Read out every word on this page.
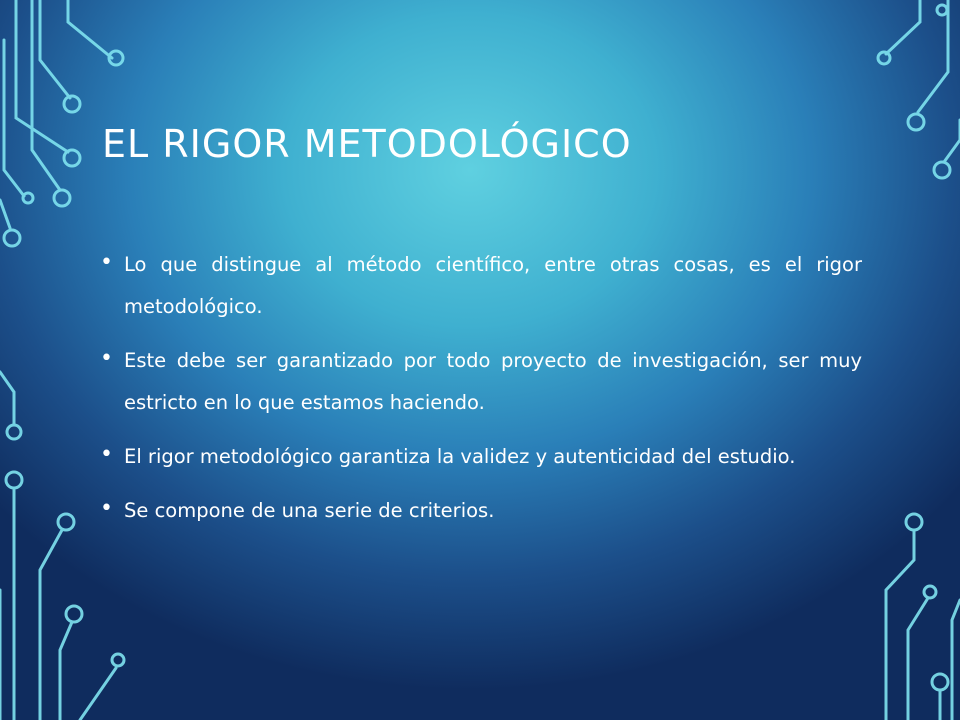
EL RIGOR METODOLÓGICO
• Lo que distingue al método científico, entre otras cosas, es el rigor metodológico.
• Este debe ser garantizado por todo proyecto de investigación, ser muy estricto en lo que estamos haciendo.
• El rigor metodológico garantiza la validez y autenticidad del estudio.
• Se compone de una serie de criterios.
